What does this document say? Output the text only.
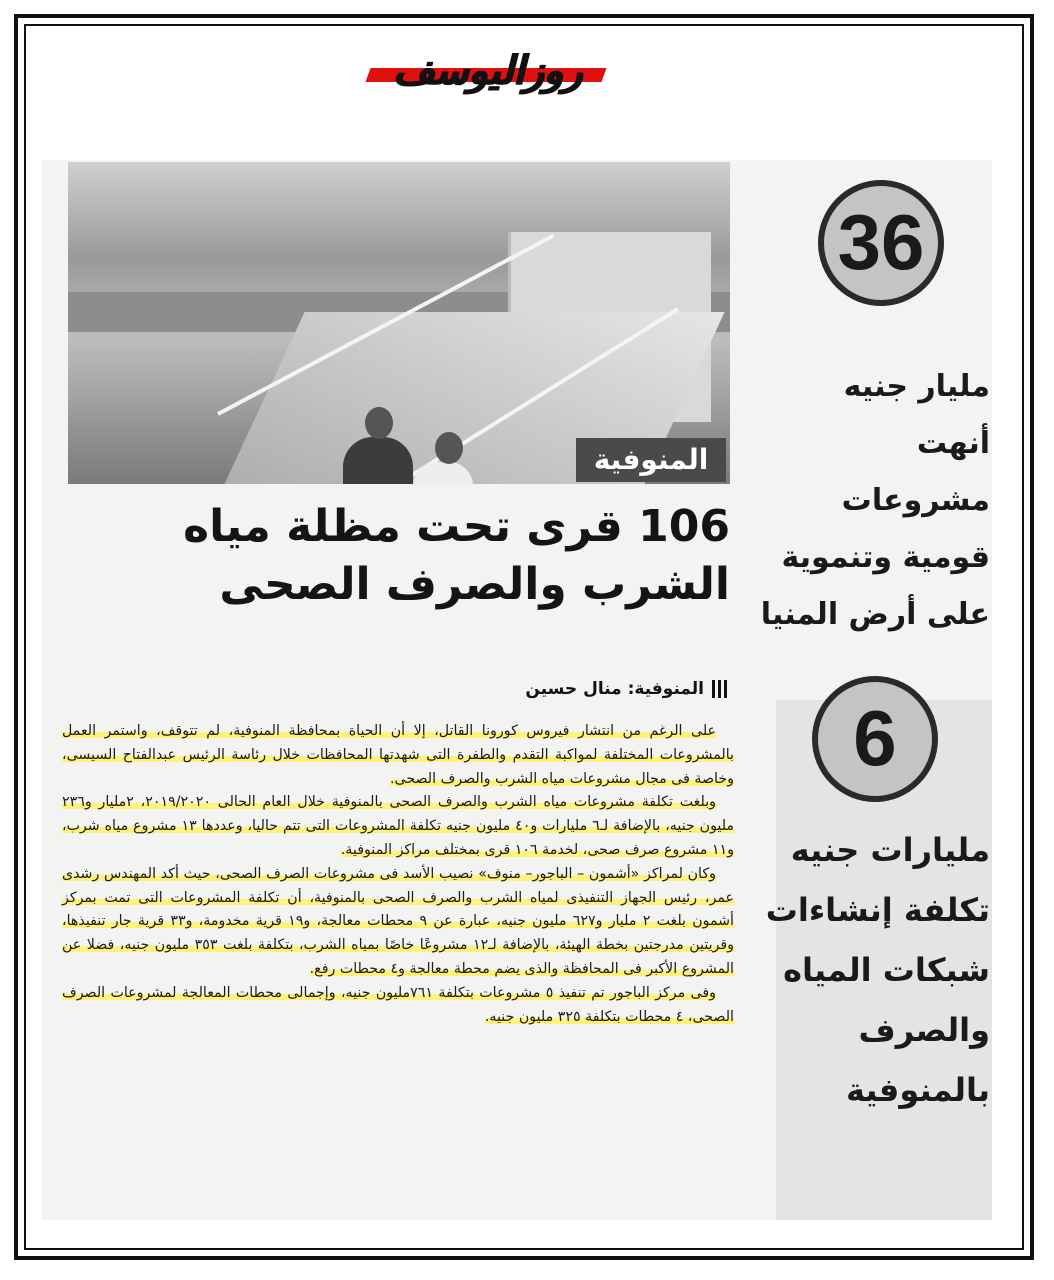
روزاليوسف
المنوفية
106 قرى تحت مظلة مياه الشرب والصرف الصحى
المنوفية: منال حسين

على الرغم من انتشار فيروس كورونا القاتل، إلا أن الحياة بمحافظة المنوفية، لم تتوقف، واستمر العمل بالمشروعات المختلفة لمواكبة التقدم والطفرة التى شهدتها المحافظات خلال رئاسة الرئيس عبدالفتاح السيسى، وخاصة فى مجال مشروعات مياه الشرب والصرف الصحى.

وبلغت تكلفة مشروعات مياه الشرب والصرف الصحى بالمنوفية خلال العام الحالى ٢٠١٩/٢٠٢٠، ٢مليار و٢٣٦ مليون جنيه، بالإضافة لـ٦ مليارات و٤٠ مليون جنيه تكلفة المشروعات التى تتم حاليا، وعددها ١٣ مشروع مياه شرب، و١١ مشروع صرف صحى، لخدمة ١٠٦ قرى بمختلف مراكز المنوفية.

وكان لمراكز «أشمون – الباجور– منوف» نصيب الأسد فى مشروعات الصرف الصحى، حيث أكد المهندس رشدى عمر، رئيس الجهاز التنفيذى لمياه الشرب والصرف الصحى بالمنوفية، أن تكلفة المشروعات التى تمت بمركز أشمون بلغت ٢ مليار و٦٢٧ مليون جنيه، عبارة عن ٩ محطات معالجة، و١٩ قرية مخدومة، و٣٣ قرية جار تنفيذها، وقريتين مدرجتين بخطة الهيئة، بالإضافة لـ١٢ مشروعًا خاصًا بمياه الشرب، بتكلفة بلغت ٣٥٣ مليون جنيه، فضلا عن المشروع الأكبر فى المحافظة والذى يضم محطة معالجة و٤ محطات رفع.

وفى مركز الباجور تم تنفيذ ٥ مشروعات بتكلفة ٧٦١مليون جنيه، وإجمالى محطات المعالجة لمشروعات الصرف الصحى، ٤ محطات بتكلفة ٣٢٥ مليون جنيه.

36
مليار جنيه
أنهت مشروعات
قومية وتنموية
على أرض المنيا
6
مليارات جنيه
تكلفة إنشاءات
شبكات المياه
والصرف
بالمنوفية
